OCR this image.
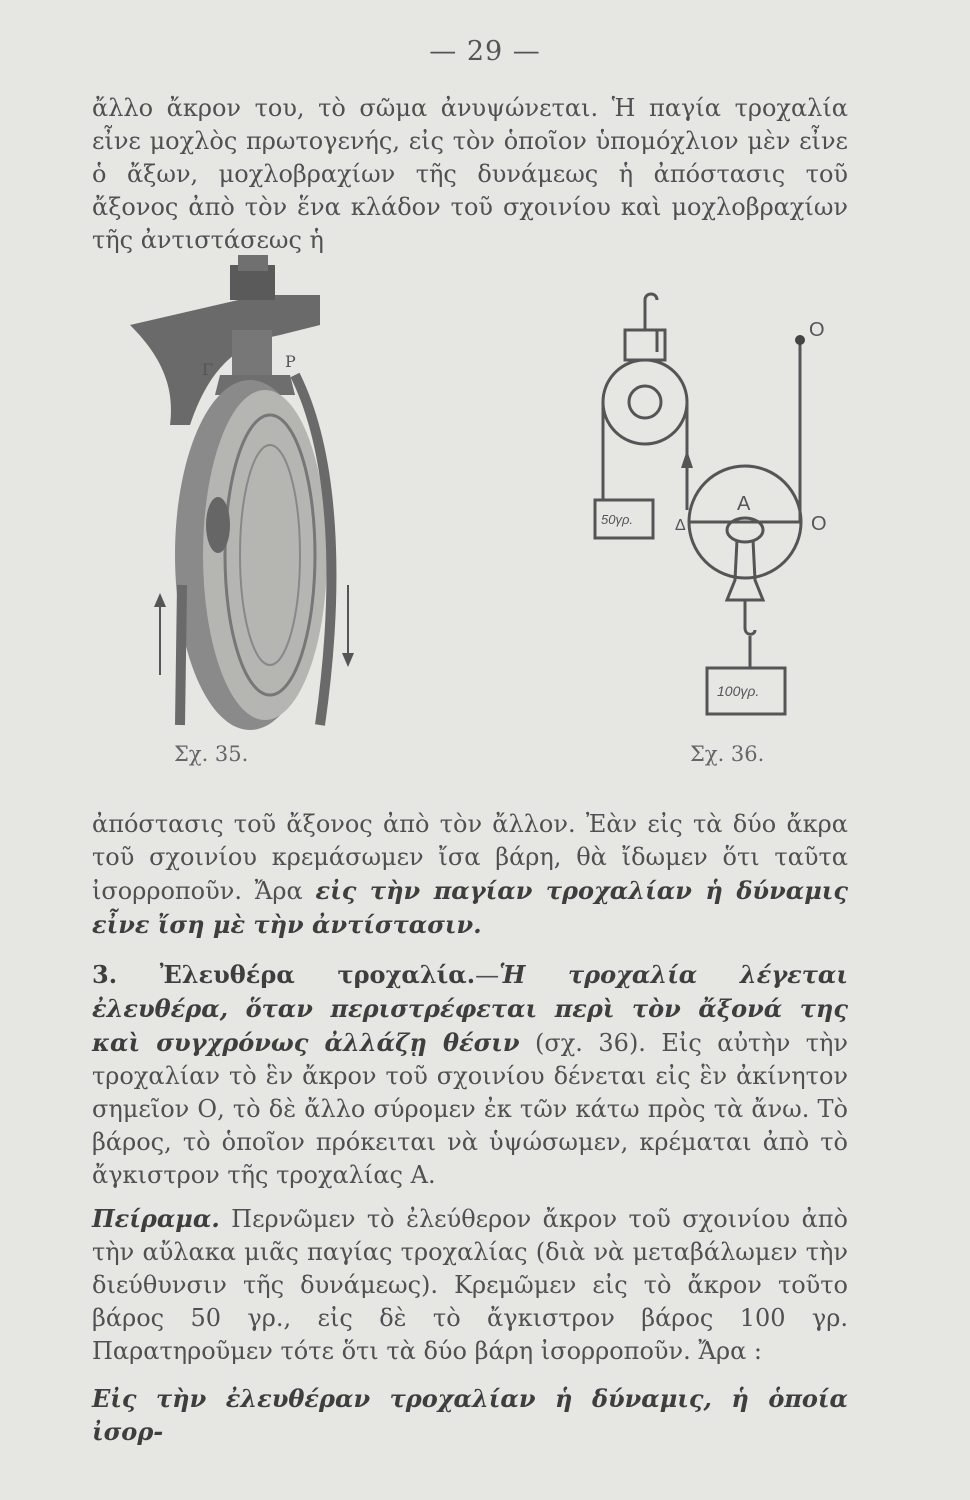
— 29 —
ἄλλο ἄκρον του, τὸ σῶμα ἀνυψώνεται. Ἡ παγία τροχαλία εἶνε μοχλὸς πρωτογενής, εἰς τὸν ὁποῖον ὑπομόχλιον μὲν εἶνε ὁ ἄξων, μοχλοβραχίων τῆς δυνάμεως ἡ ἀπόστασις τοῦ ἄξονος ἀπὸ τὸν ἕνα κλάδον τοῦ σχοινίου καὶ μοχλοβραχίων τῆς ἀντιστάσεως ἡ
Γ	Ρ
O
O
A
Δ
50γρ.
100γρ.
Σχ. 35.	Σχ. 36.
ἀπόστασις τοῦ ἄξονος ἀπὸ τὸν ἄλλον. Ἐὰν εἰς τὰ δύο ἄκρα τοῦ σχοινίου κρεμάσωμεν ἴσα βάρη, θὰ ἴδωμεν ὅτι ταῦτα ἰσορροποῦν. Ἄρα εἰς τὴν παγίαν τροχαλίαν ἡ δύναμις εἶνε ἴση μὲ τὴν ἀντίστασιν.
3. Ἐλευθέρα τροχαλία.—Ἡ τροχαλία λέγεται ἐλευθέρα, ὅταν περιστρέφεται περὶ τὸν ἄξονά της καὶ συγχρόνως ἀλλάζῃ θέσιν (σχ. 36). Εἰς αὐτὴν τὴν τροχαλίαν τὸ ἓν ἄκρον τοῦ σχοινίου δένεται εἰς ἓν ἀκίνητον σημεῖον Ο, τὸ δὲ ἄλλο σύρομεν ἐκ τῶν κάτω πρὸς τὰ ἄνω. Τὸ βάρος, τὸ ὁποῖον πρόκειται νὰ ὑψώσωμεν, κρέμαται ἀπὸ τὸ ἄγκιστρον τῆς τροχαλίας Α.
Πείραμα. Περνῶμεν τὸ ἐλεύθερον ἄκρον τοῦ σχοινίου ἀπὸ τὴν αὔλακα μιᾶς παγίας τροχαλίας (διὰ νὰ μεταβάλωμεν τὴν διεύθυνσιν τῆς δυνάμεως). Κρεμῶμεν εἰς τὸ ἄκρον τοῦτο βάρος 50 γρ., εἰς δὲ τὸ ἄγκιστρον βάρος 100 γρ. Παρατηροῦμεν τότε ὅτι τὰ δύο βάρη ἰσορροποῦν. Ἄρα :
Εἰς τὴν ἐλευθέραν τροχαλίαν ἡ δύναμις, ἡ ὁποία ἰσορ-
